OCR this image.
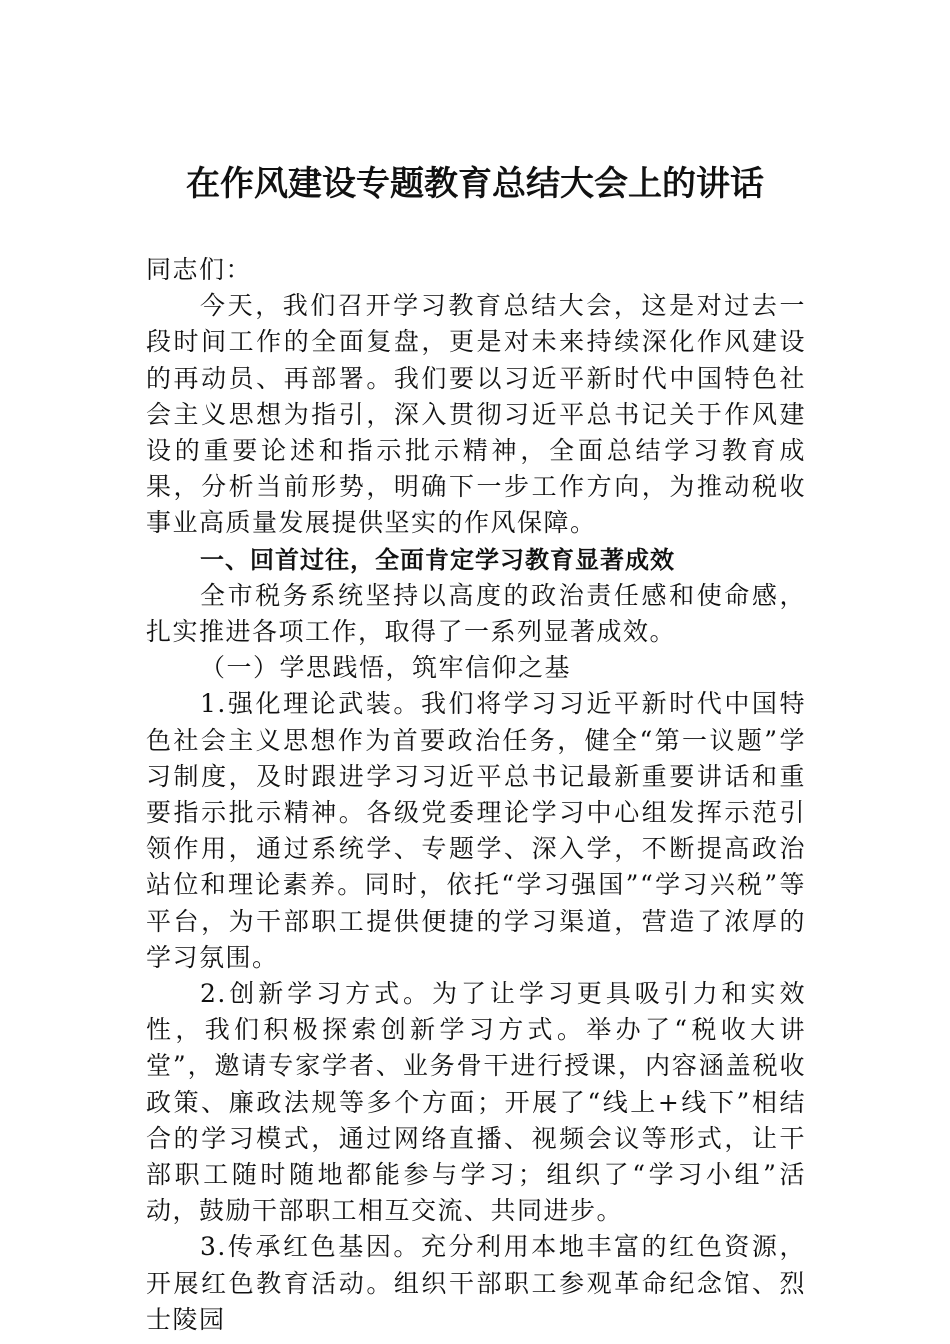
在作风建设专题教育总结大会上的讲话

同志们：

今天，我们召开学习教育总结大会，这是对过去一段时间工作的全面复盘，更是对未来持续深化作风建设的再动员、再部署。我们要以习近平新时代中国特色社会主义思想为指引，深入贯彻习近平总书记关于作风建设的重要论述和指示批示精神，全面总结学习教育成果，分析当前形势，明确下一步工作方向，为推动税收事业高质量发展提供坚实的作风保障。

一、回首过往，全面肯定学习教育显著成效

全市税务系统坚持以高度的政治责任感和使命感，扎实推进各项工作，取得了一系列显著成效。

（一）学思践悟，筑牢信仰之基

1.强化理论武装。我们将学习习近平新时代中国特色社会主义思想作为首要政治任务，健全“第一议题”学习制度，及时跟进学习习近平总书记最新重要讲话和重要指示批示精神。各级党委理论学习中心组发挥示范引领作用，通过系统学、专题学、深入学，不断提高政治站位和理论素养。同时，依托“学习强国”“学习兴税”等平台，为干部职工提供便捷的学习渠道，营造了浓厚的学习氛围。

2.创新学习方式。为了让学习更具吸引力和实效性，我们积极探索创新学习方式。举办了“税收大讲堂”，邀请专家学者、业务骨干进行授课，内容涵盖税收政策、廉政法规等多个方面；开展了“线上+线下”相结合的学习模式，通过网络直播、视频会议等形式，让干部职工随时随地都能参与学习；组织了“学习小组”活动，鼓励干部职工相互交流、共同进步。

3.传承红色基因。充分利用本地丰富的红色资源，开展红色教育活动。组织干部职工参观革命纪念馆、烈士陵园
